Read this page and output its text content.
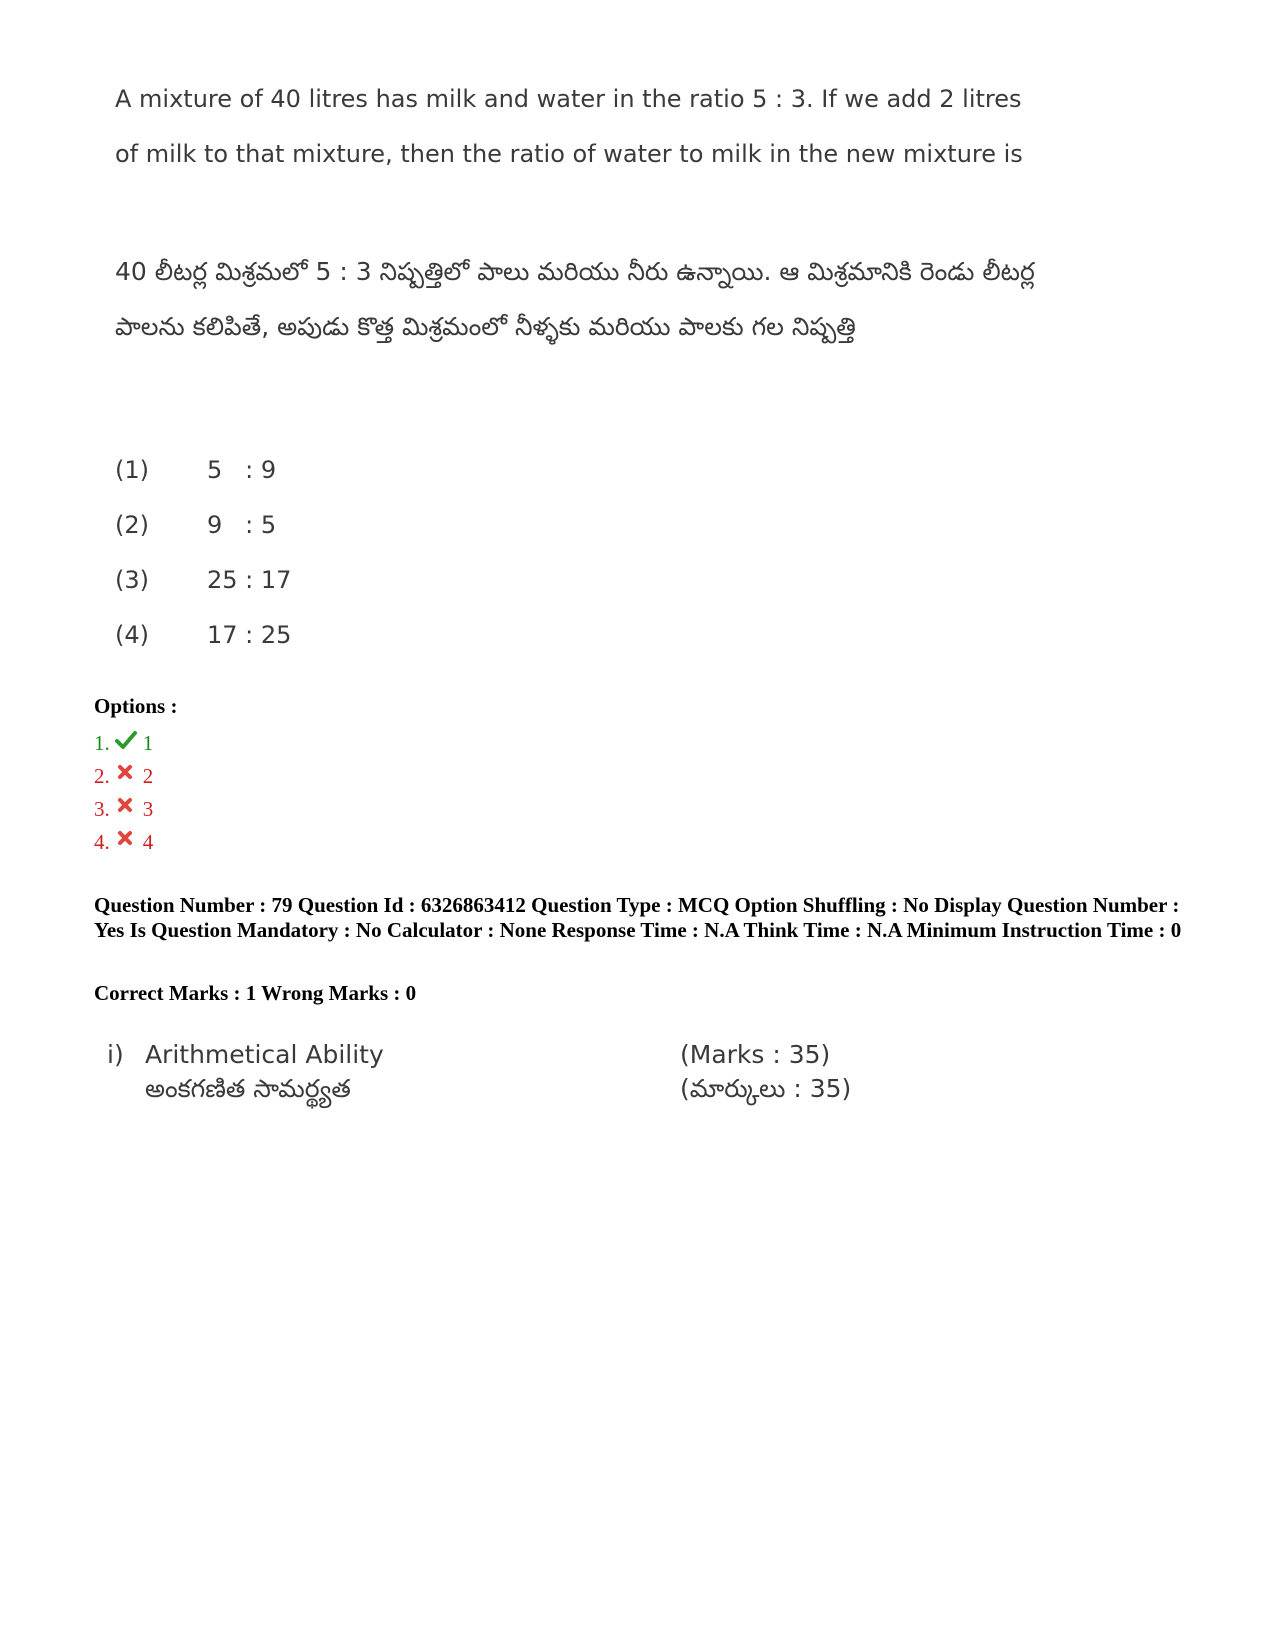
A mixture of 40 litres has milk and water in the ratio 5 : 3. If we add 2 litres of milk to that mixture, then the ratio of water to milk in the new mixture is

40 లీటర్ల మిశ్రమలో 5 : 3 నిష్పత్తిలో పాలు మరియు నీరు ఉన్నాయి. ఆ మిశ్రమానికి రెండు లీటర్ల పాలను కలిపితే, అపుడు కొత్త మిశ్రమంలో నీళ్ళకు మరియు పాలకు గల నిష్పత్తి

(1)	5   : 9
(2)	9   : 5
(3)	25 : 17
(4)	17 : 25
Options :
1. 1
2. 2
3. 3
4. 4

Question Number : 79 Question Id : 6326863412 Question Type : MCQ Option Shuffling : No Display Question Number : Yes Is Question Mandatory : No Calculator : None Response Time : N.A Think Time : N.A Minimum Instruction Time : 0

Correct Marks : 1 Wrong Marks : 0

i) Arithmetical Ability	(Marks : 35)
అంకగణిత సామర్థ్యత	(మార్కులు : 35)
